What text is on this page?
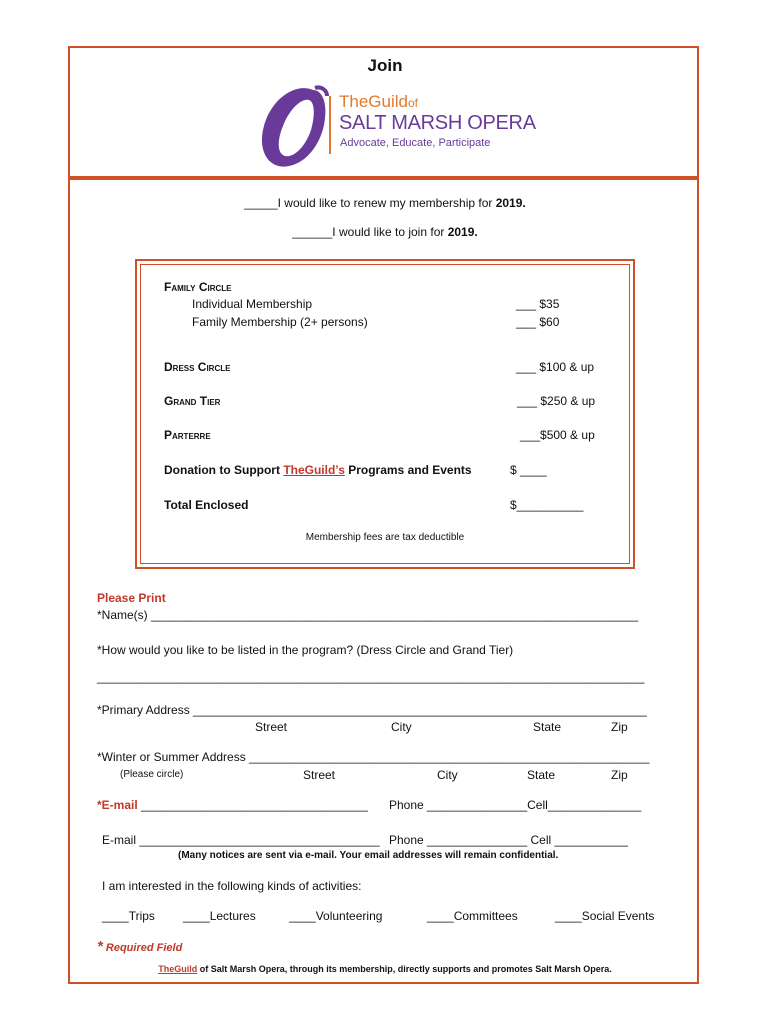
Join
TheGuildof
SALT MARSH OPERA
Advocate, Educate, Participate
_____I would like to renew my membership for 2019.
______I would like to join for 2019.
Family Circle
Individual Membership	___ $35
Family Membership (2+ persons)	___ $60
Dress Circle	___ $100 & up
Grand Tier	___ $250 & up
Parterre	___$500 & up
Donation to Support TheGuild’s Programs and Events	$ ____
Total Enclosed	$__________
Membership fees are tax deductible
Please Print
*Name(s) _________________________________________________________________________
*How would you like to be listed in the program? (Dress Circle and Grand Tier)
__________________________________________________________________________________
*Primary Address ____________________________________________________________________
Street	City	State	Zip
*Winter or Summer Address ____________________________________________________________
(Please circle)	Street	City	State	Zip
*E-mail __________________________________ Phone _______________Cell______________
E-mail ____________________________________ Phone _______________ Cell ___________
(Many notices are sent via e-mail. Your email addresses will remain confidential.
I am interested in the following kinds of activities:
____Trips ____Lectures	____Volunteering	____Committees	____Social Events
* Required Field
TheGuild of Salt Marsh Opera, through its membership, directly supports and promotes Salt Marsh Opera.
